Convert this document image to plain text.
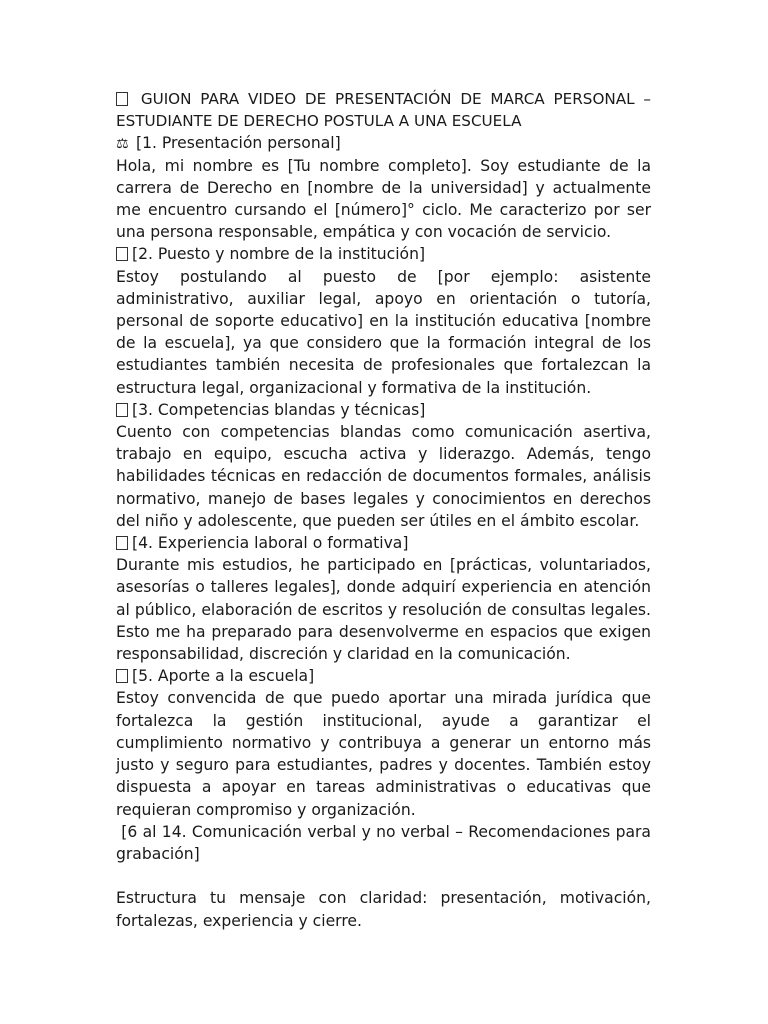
GUION PARA VIDEO DE PRESENTACIÓN DE MARCA PERSONAL – ESTUDIANTE DE DERECHO POSTULA A UNA ESCUELA

⚖ [1. Presentación personal]

Hola, mi nombre es [Tu nombre completo]. Soy estudiante de la carrera de Derecho en [nombre de la universidad] y actualmente me encuentro cursando el [número]° ciclo. Me caracterizo por ser una persona responsable, empática y con vocación de servicio.

[2. Puesto y nombre de la institución]

Estoy postulando al puesto de [por ejemplo: asistente administrativo, auxiliar legal, apoyo en orientación o tutoría, personal de soporte educativo] en la institución educativa [nombre de la escuela], ya que considero que la formación integral de los estudiantes también necesita de profesionales que fortalezcan la estructura legal, organizacional y formativa de la institución.

[3. Competencias blandas y técnicas]

Cuento con competencias blandas como comunicación asertiva, trabajo en equipo, escucha activa y liderazgo. Además, tengo habilidades técnicas en redacción de documentos formales, análisis normativo, manejo de bases legales y conocimientos en derechos del niño y adolescente, que pueden ser útiles en el ámbito escolar.

[4. Experiencia laboral o formativa]

Durante mis estudios, he participado en [prácticas, voluntariados, asesorías o talleres legales], donde adquirí experiencia en atención al público, elaboración de escritos y resolución de consultas legales. Esto me ha preparado para desenvolverme en espacios que exigen responsabilidad, discreción y claridad en la comunicación.

[5. Aporte a la escuela]

Estoy convencida de que puedo aportar una mirada jurídica que fortalezca la gestión institucional, ayude a garantizar el cumplimiento normativo y contribuya a generar un entorno más justo y seguro para estudiantes, padres y docentes. También estoy dispuesta a apoyar en tareas administrativas o educativas que requieran compromiso y organización.

[6 al 14. Comunicación verbal y no verbal – Recomendaciones para grabación]

Estructura tu mensaje con claridad: presentación, motivación, fortalezas, experiencia y cierre.
